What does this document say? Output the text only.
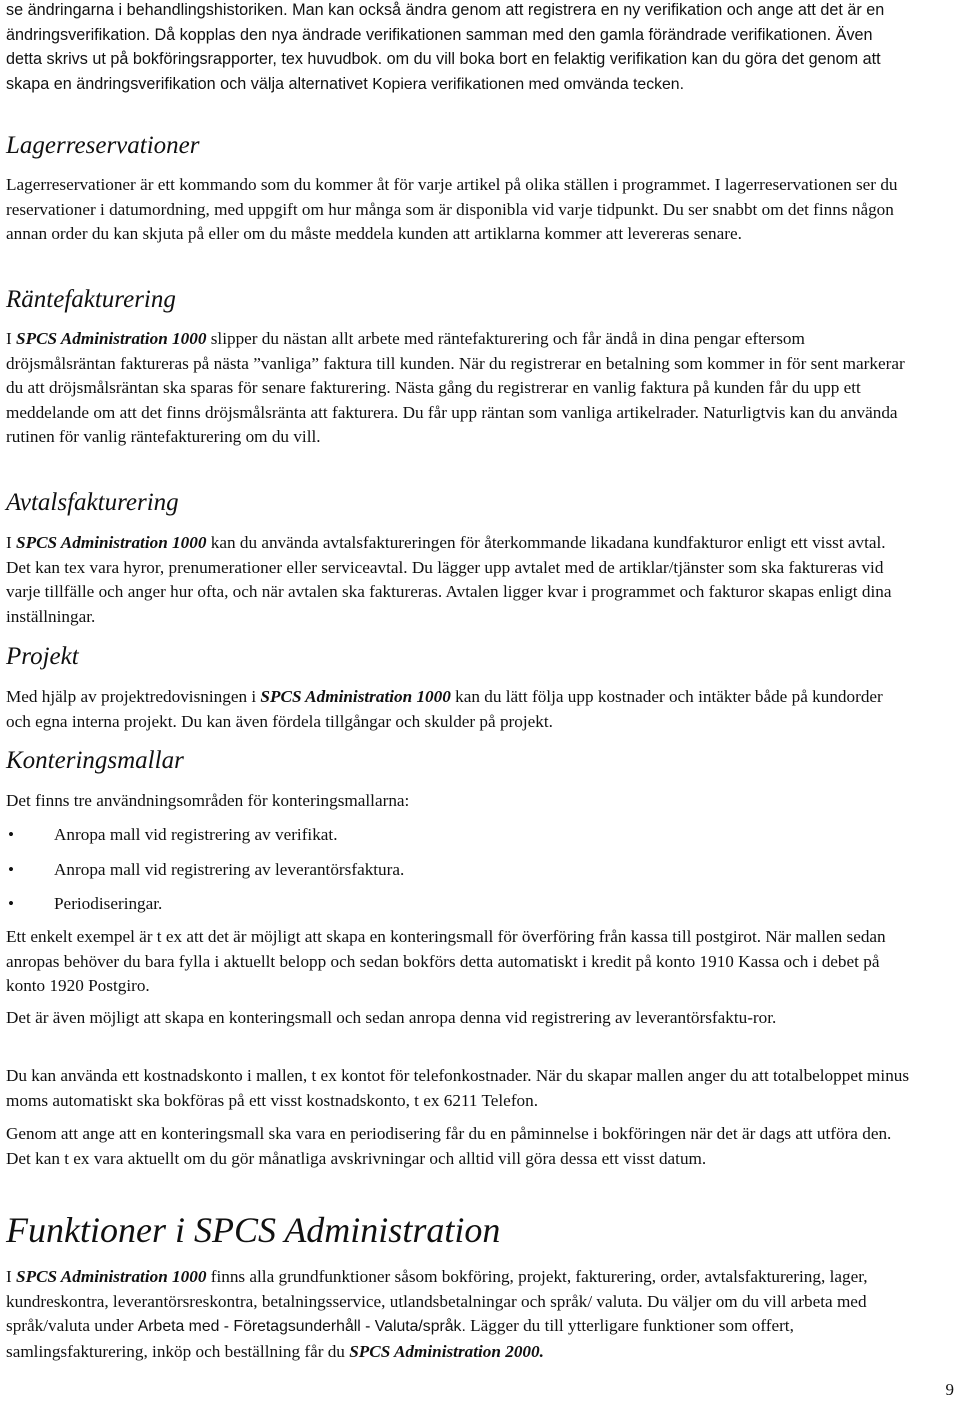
se ändringarna i behandlingshistoriken. Man kan också ändra genom att registrera en ny verifikation och ange att det är en ändringsverifikation. Då kopplas den nya ändrade verifikationen samman med den gamla förändrade verifikationen. Även detta skrivs ut på bokföringsrapporter, tex huvudbok. om du vill boka bort en felaktig verifikation kan du göra det genom att skapa en ändringsverifikation och välja alternativet Kopiera verifikationen med omvända tecken.

Lagerreservationer

Lagerreservationer är ett kommando som du kommer åt för varje artikel på olika ställen i programmet. I lagerreservationen ser du reservationer i datumordning, med uppgift om hur många som är disponibla vid varje tidpunkt. Du ser snabbt om det finns någon annan order du kan skjuta på eller om du måste meddela kunden att artiklarna kommer att levereras senare.

Räntefakturering

I SPCS Administration 1000 slipper du nästan allt arbete med räntefakturering och får ändå in dina pengar eftersom dröjsmålsräntan faktureras på nästa ”vanliga” faktura till kunden. När du registrerar en betalning som kommer in för sent markerar du att dröjsmålsräntan ska sparas för senare fakturering. Nästa gång du registrerar en vanlig faktura på kunden får du upp ett meddelande om att det finns dröjsmålsränta att fakturera. Du får upp räntan som vanliga artikelrader. Naturligtvis kan du använda rutinen för vanlig räntefakturering om du vill.

Avtalsfakturering

I SPCS Administration 1000 kan du använda avtalsfaktureringen för återkommande likadana kundfakturor enligt ett visst avtal. Det kan tex vara hyror, prenumerationer eller serviceavtal. Du lägger upp avtalet med de artiklar/tjänster som ska faktureras vid varje tillfälle och anger hur ofta, och när avtalen ska faktureras. Avtalen ligger kvar i programmet och fakturor skapas enligt dina inställningar.

Projekt

Med hjälp av projektredovisningen i SPCS Administration 1000 kan du lätt följa upp kostnader och intäkter både på kundorder och egna interna projekt. Du kan även fördela tillgångar och skulder på projekt.

Konteringsmallar

Det finns tre användningsområden för konteringsmallarna:

• Anropa mall vid registrering av verifikat.
• Anropa mall vid registrering av leverantörsfaktura.
• Periodiseringar.

Ett enkelt exempel är t ex att det är möjligt att skapa en konteringsmall för överföring från kassa till postgirot. När mallen sedan anropas behöver du bara fylla i aktuellt belopp och sedan bokförs detta automatiskt i kredit på konto 1910 Kassa och i debet på konto 1920 Postgiro.

Det är även möjligt att skapa en konteringsmall och sedan anropa denna vid registrering av leverantörsfaktu-ror.

Du kan använda ett kostnadskonto i mallen, t ex kontot för telefonkostnader. När du skapar mallen anger du att totalbeloppet minus moms automatiskt ska bokföras på ett visst kostnadskonto, t ex 6211 Telefon.

Genom att ange att en konteringsmall ska vara en periodisering får du en påminnelse i bokföringen när det är dags att utföra den. Det kan t ex vara aktuellt om du gör månatliga avskrivningar och alltid vill göra dessa ett visst datum.

Funktioner i SPCS Administration

I SPCS Administration 1000 finns alla grundfunktioner såsom bokföring, projekt, fakturering, order, avtalsfakturering, lager, kundreskontra, leverantörsreskontra, betalningsservice, utlandsbetalningar och språk/ valuta. Du väljer om du vill arbeta med språk/valuta under Arbeta med - Företagsunderhåll - Valuta/språk. Lägger du till ytterligare funktioner som offert, samlingsfakturering, inköp och beställning får du SPCS Administration 2000.

9
